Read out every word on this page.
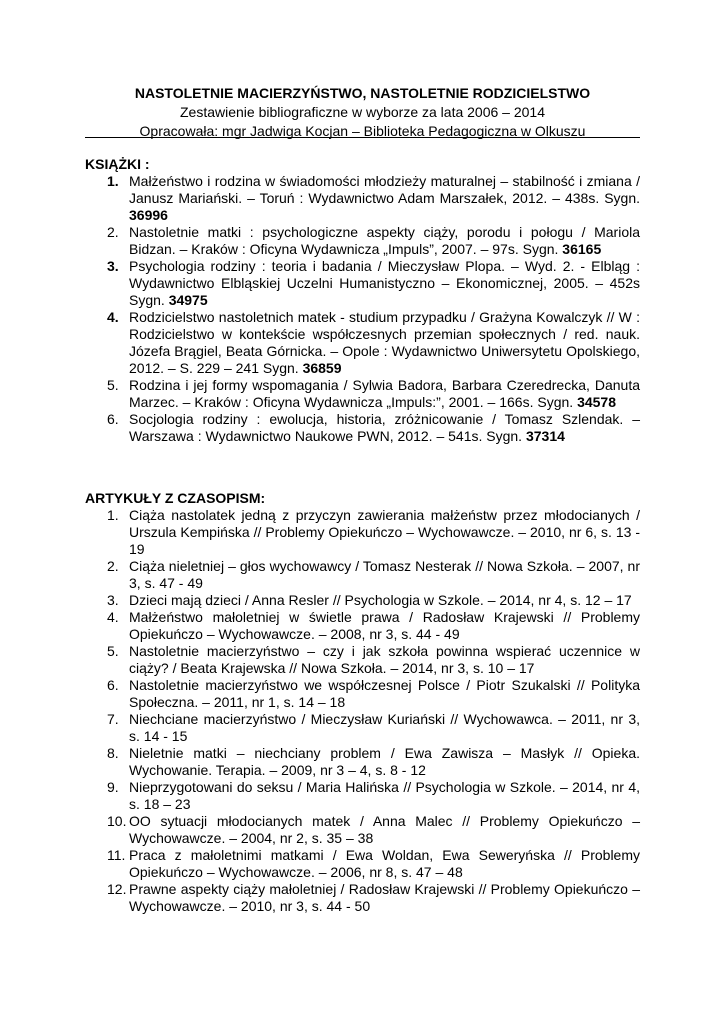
NASTOLETNIE MACIERZYŃSTWO, NASTOLETNIE RODZICIELSTWO
Zestawienie bibliograficzne w wyborze za lata 2006 – 2014
Opracowała: mgr Jadwiga Kocjan – Biblioteka Pedagogiczna w Olkuszu
KSIĄŻKI :
1. Małżeństwo i rodzina w świadomości młodzieży maturalnej – stabilność i zmiana / Janusz Mariański. – Toruń : Wydawnictwo Adam Marszałek, 2012. – 438s. Sygn. 36996
2. Nastoletnie matki : psychologiczne aspekty ciąży, porodu i połogu / Mariola Bidzan. – Kraków : Oficyna Wydawnicza „Impuls”, 2007. – 97s. Sygn. 36165
3. Psychologia rodziny : teoria i badania / Mieczysław Plopa. – Wyd. 2. - Elbląg : Wydawnictwo Elbląskiej Uczelni Humanistyczno – Ekonomicznej, 2005. – 452s Sygn. 34975
4. Rodzicielstwo nastoletnich matek - studium przypadku / Grażyna Kowalczyk // W : Rodzicielstwo w kontekście współczesnych przemian społecznych / red. nauk. Józefa Brągiel, Beata Górnicka. – Opole : Wydawnictwo Uniwersytetu Opolskiego, 2012. – S. 229 – 241 Sygn. 36859
5. Rodzina i jej formy wspomagania / Sylwia Badora, Barbara Czeredrecka, Danuta Marzec. – Kraków : Oficyna Wydawnicza „Impuls:”, 2001. – 166s. Sygn. 34578
6. Socjologia rodziny : ewolucja, historia, zróżnicowanie / Tomasz Szlendak. – Warszawa : Wydawnictwo Naukowe PWN, 2012. – 541s. Sygn. 37314
ARTYKUŁY Z CZASOPISM:
1. Ciąża nastolatek jedną z przyczyn zawierania małżeństw przez młodocianych / Urszula Kempińska // Problemy Opiekuńczo – Wychowawcze. – 2010, nr 6, s. 13 - 19
2. Ciąża nieletniej – głos wychowawcy / Tomasz Nesterak // Nowa Szkoła. – 2007, nr 3, s. 47 - 49
3. Dzieci mają dzieci / Anna Resler // Psychologia w Szkole. – 2014, nr 4, s. 12 – 17
4. Małżeństwo małoletniej w świetle prawa / Radosław Krajewski // Problemy Opiekuńczo – Wychowawcze. – 2008, nr 3, s. 44 - 49
5. Nastoletnie macierzyństwo – czy i jak szkoła powinna wspierać uczennice w ciąży? / Beata Krajewska // Nowa Szkoła. – 2014, nr 3, s. 10 – 17
6. Nastoletnie macierzyństwo we współczesnej Polsce / Piotr Szukalski // Polityka Społeczna. – 2011, nr 1, s. 14 – 18
7. Niechciane macierzyństwo / Mieczysław Kuriański // Wychowawca. – 2011, nr 3, s. 14 - 15
8. Nieletnie matki – niechciany problem / Ewa Zawisza – Masłyk // Opieka. Wychowanie. Terapia. – 2009, nr 3 – 4, s. 8 - 12
9. Nieprzygotowani do seksu / Maria Halińska // Psychologia w Szkole. – 2014, nr 4, s. 18 – 23
10. OO sytuacji młodocianych matek / Anna Malec // Problemy Opiekuńczo – Wychowawcze. – 2004, nr 2, s. 35 – 38
11. Praca z małoletnimi matkami / Ewa Woldan, Ewa Seweryńska // Problemy Opiekuńczo – Wychowawcze. – 2006, nr 8, s. 47 – 48
12. Prawne aspekty ciąży małoletniej / Radosław Krajewski // Problemy Opiekuńczo – Wychowawcze. – 2010, nr 3, s. 44 - 50
